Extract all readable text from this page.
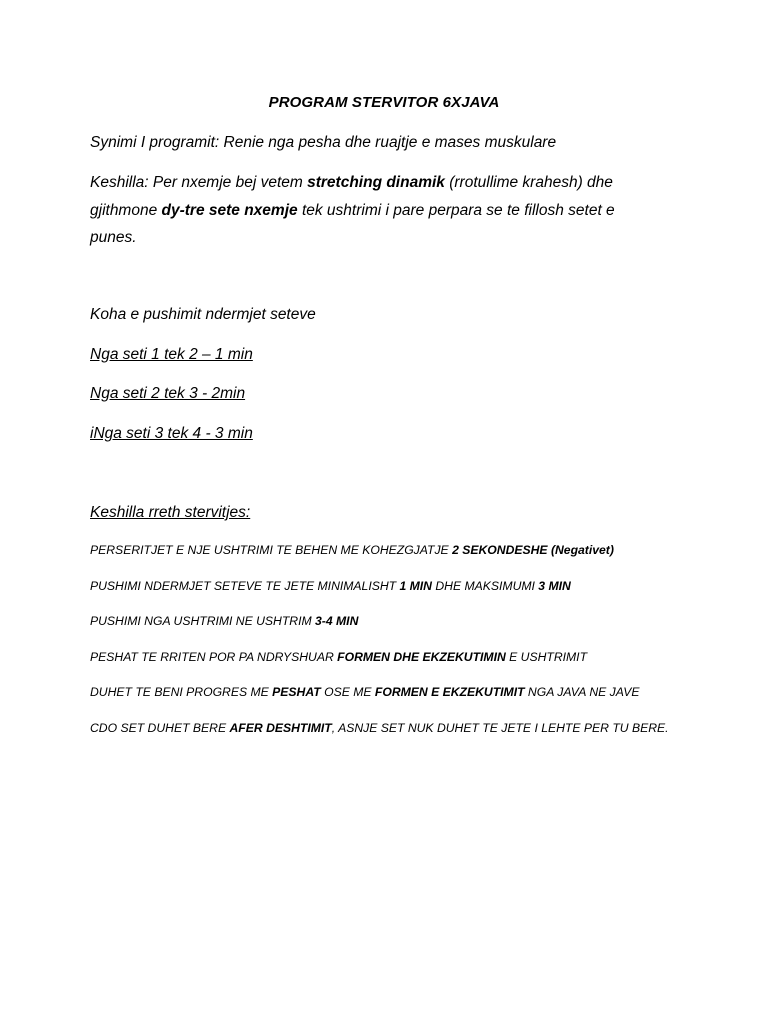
PROGRAM STERVITOR 6XJAVA
Synimi I programit: Renie nga pesha dhe ruajtje e mases muskulare
Keshilla: Per nxemje bej vetem stretching dinamik (rrotullime krahesh) dhe
gjithmone dy-tre sete nxemje tek ushtrimi i pare perpara se te fillosh setet e
punes.
Koha e pushimit ndermjet seteve
Nga seti 1 tek 2 – 1 min
Nga seti 2 tek 3 - 2min
iNga seti 3 tek 4 - 3 min
Keshilla rreth stervitjes:
PERSERITJET E NJE USHTRIMI TE BEHEN ME KOHEZGJATJE 2 SEKONDESHE (Negativet)
PUSHIMI NDERMJET SETEVE TE JETE MINIMALISHT 1 MIN DHE MAKSIMUMI 3 MIN
PUSHIMI NGA USHTRIMI NE USHTRIM 3-4 MIN
PESHAT TE RRITEN POR PA NDRYSHUAR FORMEN DHE EKZEKUTIMIN E USHTRIMIT
DUHET TE BENI PROGRES ME PESHAT OSE ME FORMEN E EKZEKUTIMIT NGA JAVA NE JAVE
CDO SET DUHET BERE AFER DESHTIMIT, ASNJE SET NUK DUHET TE JETE I LEHTE PER TU BERE.
